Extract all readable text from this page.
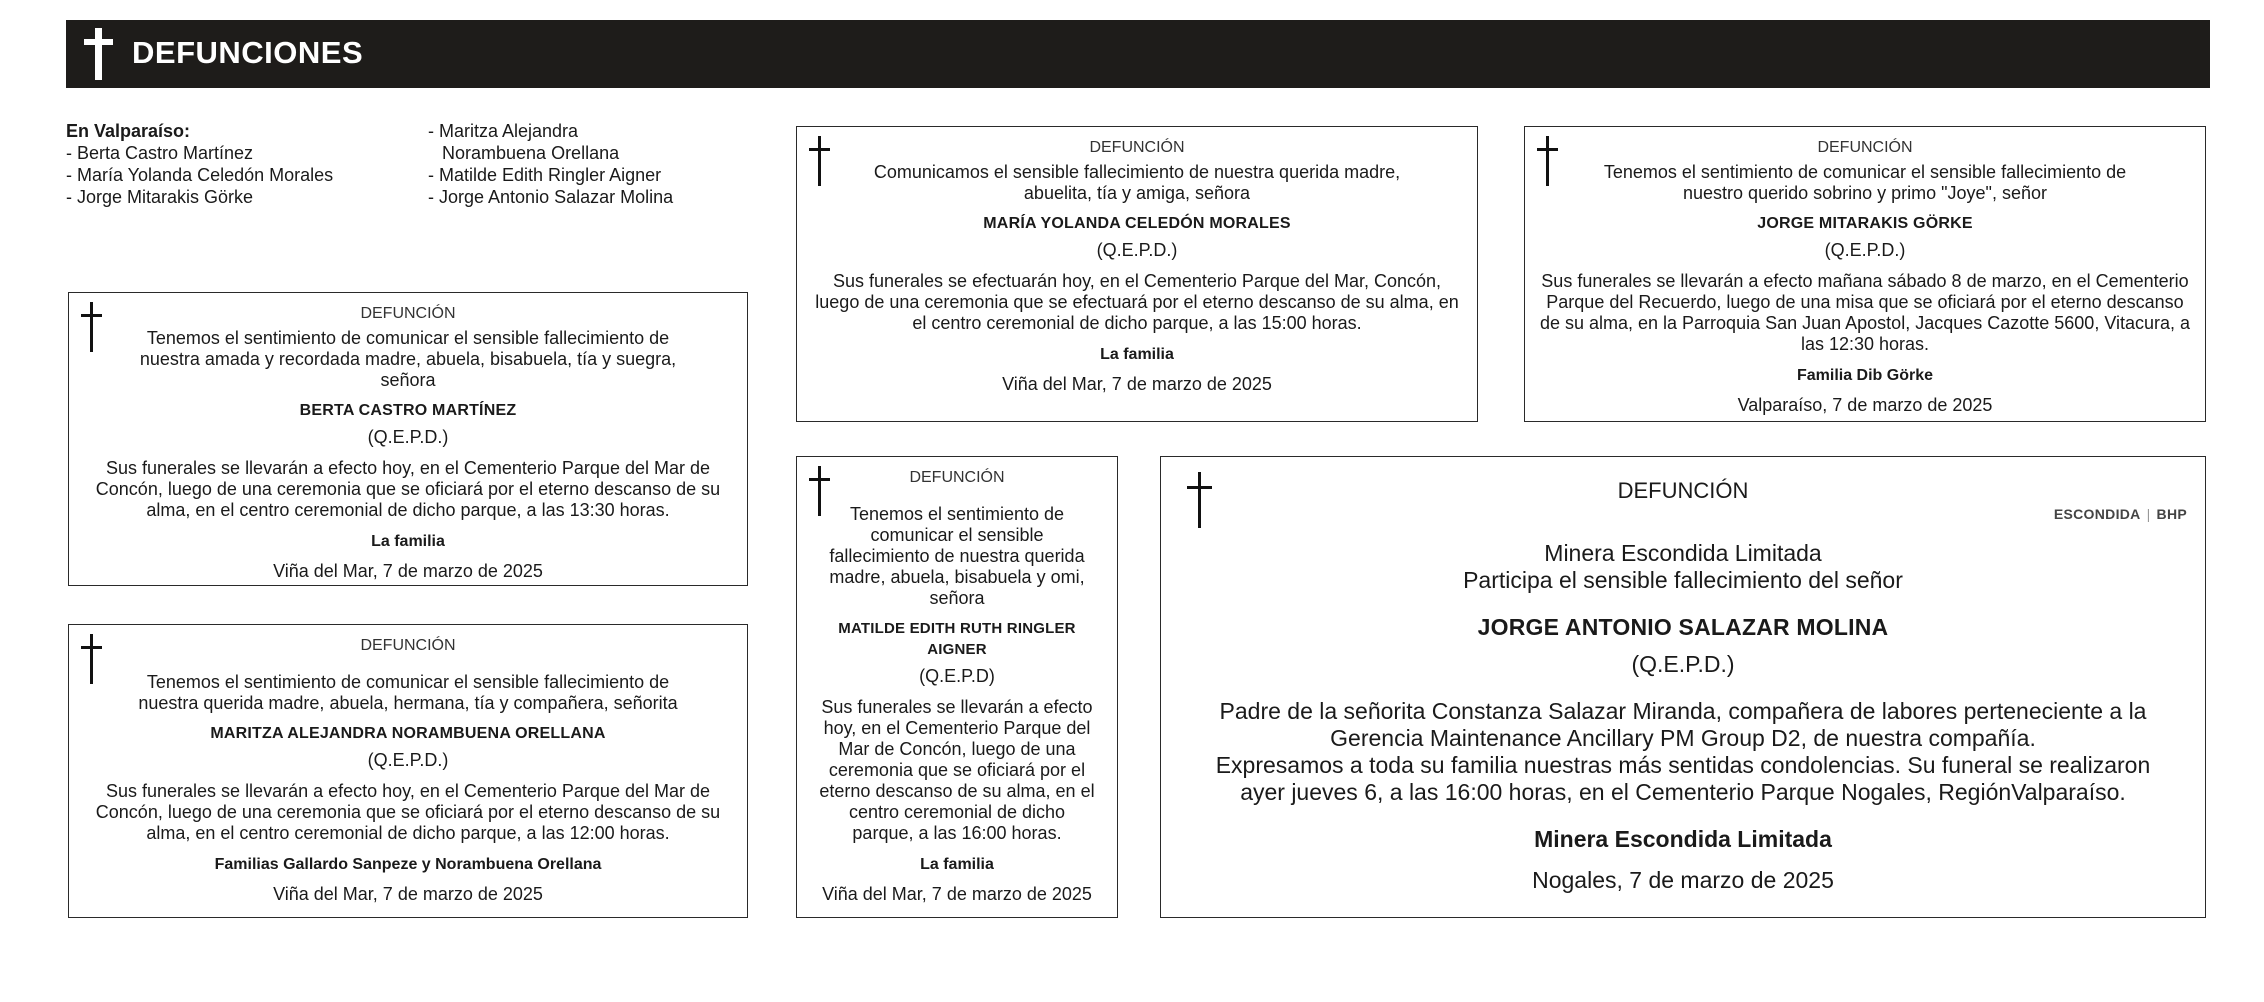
DEFUNCIONES
En Valparaíso:
- Berta Castro Martínez
- María Yolanda Celedón Morales
- Jorge Mitarakis Görke
- Maritza Alejandra
Norambuena Orellana
- Matilde Edith Ringler Aigner
- Jorge Antonio Salazar Molina
DEFUNCIÓN
Tenemos el sentimiento de comunicar el sensible fallecimiento de nuestra amada y recordada madre, abuela, bisabuela, tía y suegra, señora
BERTA CASTRO MARTÍNEZ
(Q.E.P.D.)
Sus funerales se llevarán a efecto hoy, en el Cementerio Parque del Mar de Concón, luego de una ceremonia que se oficiará por el eterno descanso de su alma, en el centro ceremonial de dicho parque, a las 13:30 horas.
La familia
Viña del Mar, 7 de marzo de 2025
DEFUNCIÓN
Tenemos el sentimiento de comunicar el sensible fallecimiento de nuestra querida madre, abuela, hermana, tía y compañera, señorita
MARITZA ALEJANDRA NORAMBUENA ORELLANA
(Q.E.P.D.)
Sus funerales se llevarán a efecto hoy, en el Cementerio Parque del Mar de Concón, luego de una ceremonia que se oficiará por el eterno descanso de su alma, en el centro ceremonial de dicho parque, a las 12:00 horas.
Familias Gallardo Sanpeze y Norambuena Orellana
Viña del Mar, 7 de marzo de 2025
DEFUNCIÓN
Comunicamos el sensible fallecimiento de nuestra querida madre, abuelita, tía y amiga, señora
MARÍA YOLANDA CELEDÓN MORALES
(Q.E.P.D.)
Sus funerales se efectuarán hoy, en el Cementerio Parque del Mar, Concón, luego de una ceremonia que se efectuará por el eterno descanso de su alma, en el centro ceremonial de dicho parque, a las 15:00 horas.
La familia
Viña del Mar, 7 de marzo de 2025
DEFUNCIÓN
Tenemos el sentimiento de comunicar el sensible fallecimiento de nuestra querida madre, abuela, bisabuela y omi, señora
MATILDE EDITH RUTH RINGLER AIGNER
(Q.E.P.D)
Sus funerales se llevarán a efecto hoy, en el Cementerio Parque del Mar de Concón, luego de una ceremonia que se oficiará por el eterno descanso de su alma, en el centro ceremonial de dicho parque, a las 16:00 horas.
La familia
Viña del Mar, 7 de marzo de 2025
DEFUNCIÓN
Tenemos el sentimiento de comunicar el sensible fallecimiento de nuestro querido sobrino y primo "Joye", señor
JORGE MITARAKIS GÖRKE
(Q.E.P.D.)
Sus funerales se llevarán a efecto mañana sábado 8 de marzo, en el Cementerio Parque del Recuerdo, luego de una misa que se oficiará por el eterno descanso de su alma, en la Parroquia San Juan Apostol, Jacques Cazotte 5600, Vitacura, a las 12:30 horas.
Familia Dib Görke
Valparaíso, 7 de marzo de 2025
ESCONDIDA | BHP
DEFUNCIÓN
Minera Escondida Limitada
Participa el sensible fallecimiento del señor
JORGE ANTONIO SALAZAR MOLINA
(Q.E.P.D.)
Padre de la señorita Constanza Salazar Miranda, compañera de labores perteneciente a la Gerencia Maintenance Ancillary PM Group D2, de nuestra compañía.
Expresamos a toda su familia nuestras más sentidas condolencias. Su funeral se realizaron ayer jueves 6, a las 16:00 horas, en el Cementerio Parque Nogales, RegiónValparaíso.
Minera Escondida Limitada
Nogales, 7 de marzo de 2025
